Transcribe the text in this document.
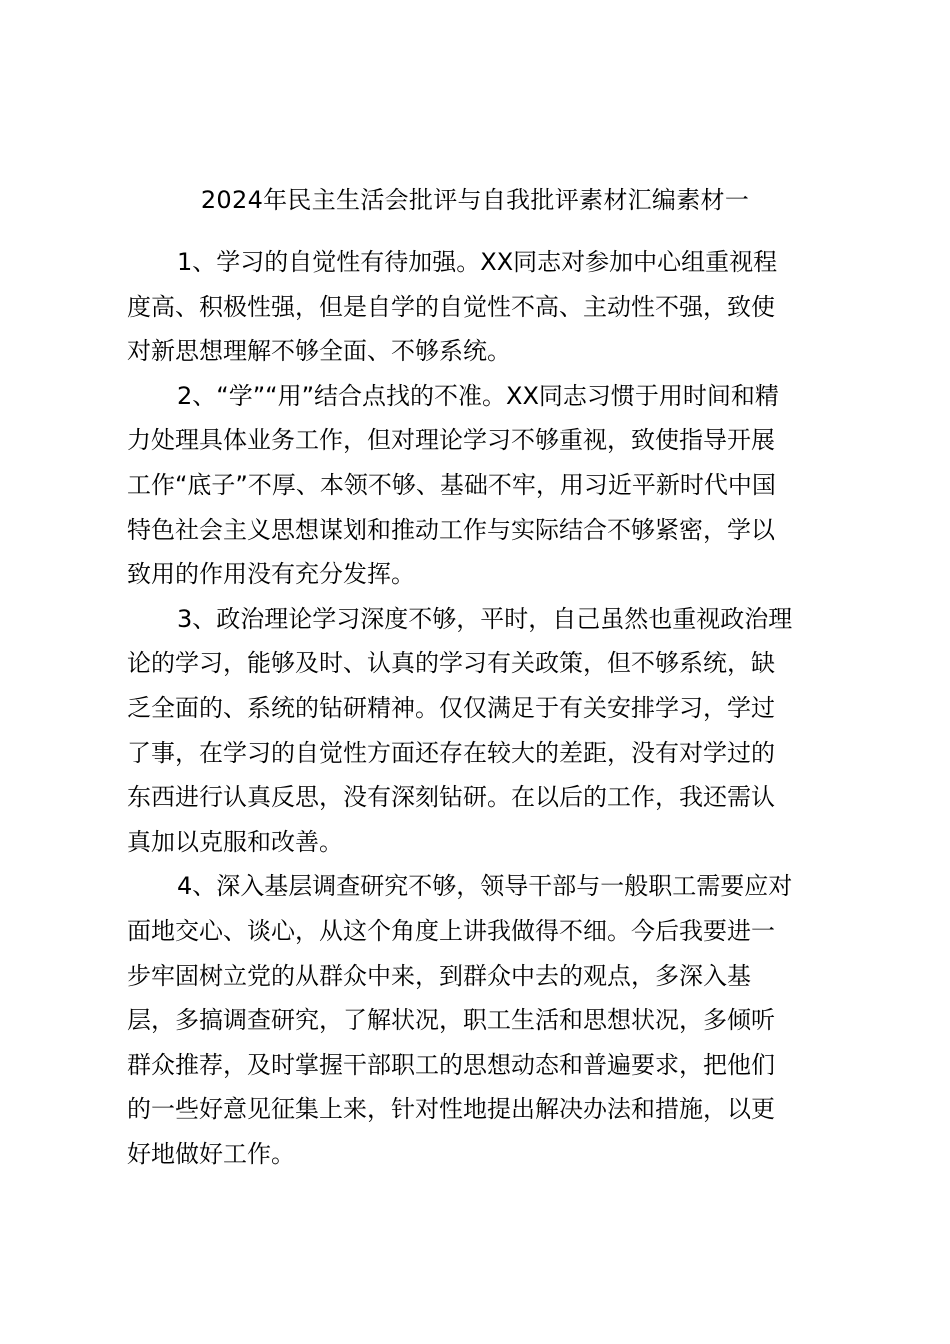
2024年民主生活会批评与自我批评素材汇编素材一

1、学习的自觉性有待加强。XX同志对参加中心组重视程
度高、积极性强，但是自学的自觉性不高、主动性不强，致使
对新思想理解不够全面、不够系统。

2、“学”“用”结合点找的不准。XX同志习惯于用时间和精
力处理具体业务工作，但对理论学习不够重视，致使指导开展
工作“底子”不厚、本领不够、基础不牢，用习近平新时代中国
特色社会主义思想谋划和推动工作与实际结合不够紧密，学以
致用的作用没有充分发挥。

3、政治理论学习深度不够，平时，自己虽然也重视政治理
论的学习，能够及时、认真的学习有关政策，但不够系统，缺
乏全面的、系统的钻研精神。仅仅满足于有关安排学习，学过
了事，在学习的自觉性方面还存在较大的差距，没有对学过的
东西进行认真反思，没有深刻钻研。在以后的工作，我还需认
真加以克服和改善。

4、深入基层调查研究不够，领导干部与一般职工需要应对
面地交心、谈心，从这个角度上讲我做得不细。今后我要进一
步牢固树立党的从群众中来，到群众中去的观点，多深入基
层，多搞调查研究，了解状况，职工生活和思想状况，多倾听
群众推荐，及时掌握干部职工的思想动态和普遍要求，把他们
的一些好意见征集上来，针对性地提出解决办法和措施，以更
好地做好工作。
